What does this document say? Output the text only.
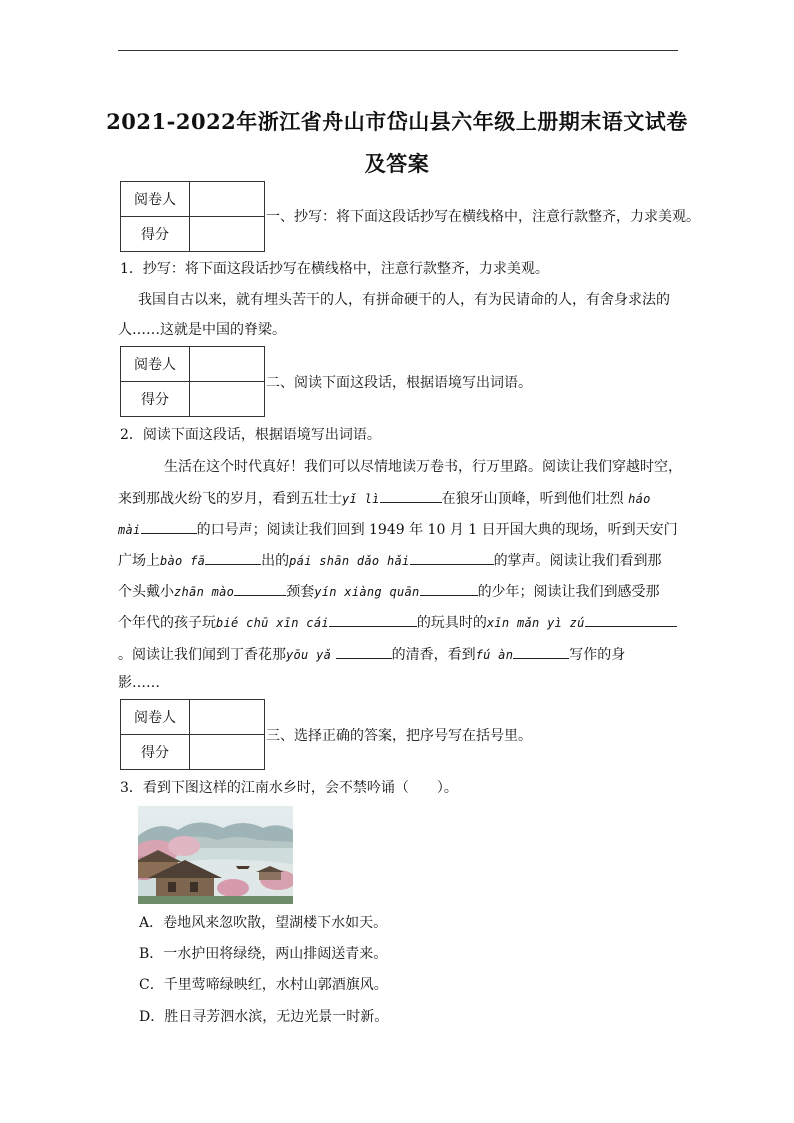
2021-2022年浙江省舟山市岱山县六年级上册期末语文试卷
及答案
阅卷人	
得分	
一、抄写：将下面这段话抄写在横线格中，注意行款整齐，力求美观。
1．抄写：将下面这段话抄写在横线格中，注意行款整齐，力求美观。
我国自古以来，就有埋头苦干的人，有拼命硬干的人，有为民请命的人，有舍身求法的
人……这就是中国的脊梁。
阅卷人	
得分	
二、阅读下面这段话，根据语境写出词语。
2．阅读下面这段话，根据语境写出词语。
生活在这个时代真好！我们可以尽情地读万卷书，行万里路。阅读让我们穿越时空，
来到那战火纷飞的岁月，看到五壮士yǐ lì	在狼牙山顶峰，听到他们壮烈 háo
mài	的口号声；阅读让我们回到 1949 年 10 月 1 日开国大典的现场，听到天安门
广场上bào fā	出的pái shān dǎo hǎi	的掌声。阅读让我们看到那
个头戴小zhān mào	颈套yín xiàng quān	的少年；阅读让我们到感受那
个年代的孩子玩bié chū xīn cái	的玩具时的xīn mǎn yì zú
。阅读让我们闻到丁香花那yōu yǎ	的清香，看到fú àn	写作的身
影……
阅卷人	
得分	
三、选择正确的答案，把序号写在括号里。
3．看到下图这样的江南水乡时，会不禁吟诵（　　）。
A．卷地风来忽吹散，望湖楼下水如天。
B．一水护田将绿绕，两山排闼送青来。
C．千里莺啼绿映红，水村山郭酒旗风。
D．胜日寻芳泗水滨，无边光景一时新。
